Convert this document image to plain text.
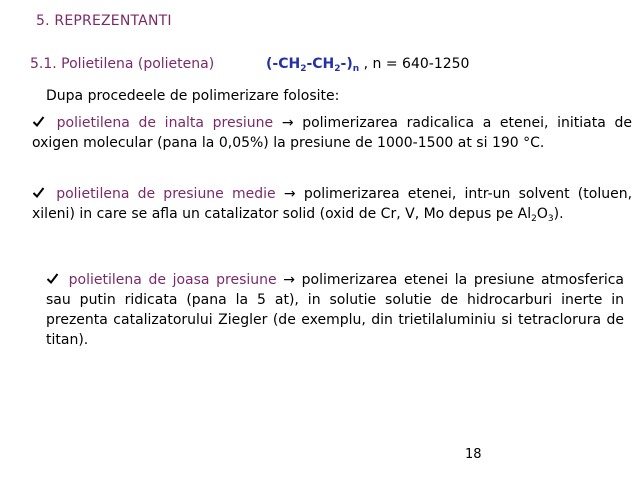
5. REPREZENTANTI
5.1. Polietilena (polietena)	$(-CH_2-CH_2-)_n$ , n = 640-1250
Dupa procedeele de polimerizare folosite:
polietilena de inalta presiune → polimerizarea radicalica a etenei, initiata de oxigen molecular (pana la 0,05%) la presiune de 1000-1500 at si 190 °C.
polietilena de presiune medie → polimerizarea etenei, intr-un solvent (toluen, xileni) in care se afla un catalizator solid (oxid de Cr, V, Mo depus pe $Al_2O_3$).
polietilena de joasa presiune → polimerizarea etenei la presiune atmosferica sau putin ridicata (pana la 5 at), in solutie solutie de hidrocarburi inerte in prezenta catalizatorului Ziegler (de exemplu, din trietilaluminiu si tetraclorura de titan).
18
